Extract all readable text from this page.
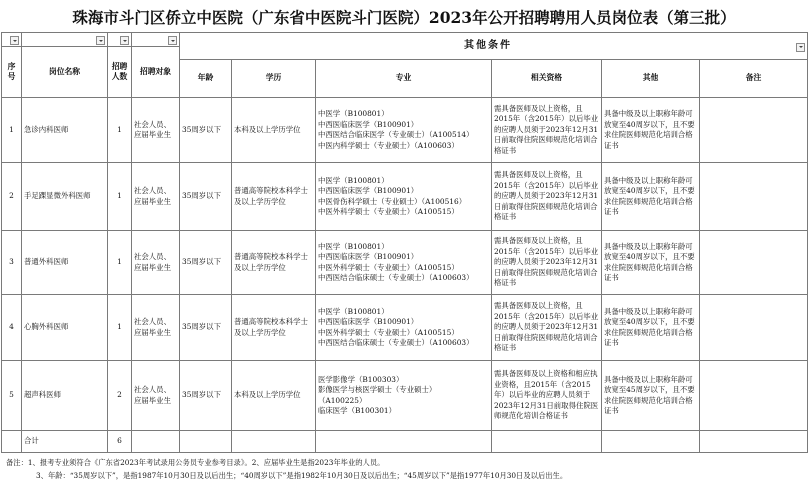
珠海市斗门区侨立中医院（广东省中医院斗门医院）2023年公开招聘聘用人员岗位表（第三批）

	其他条件					

序号	岗位名称	招聘人数	招聘对象						
				年龄	学历	专业	相关资格	其他	备注
1	急诊内科医师	1	社会人员、应届毕业生	35周岁以下	本科及以上学历学位	中医学（B100801）
中西医临床医学（B100901）
中西医结合临床医学（专业硕士）（A100514）
中医内科学硕士（专业硕士）（A100603）	需具备医师及以上资格，且2015年（含2015年）以后毕业的应聘人员须于2023年12月31日前取得住院医师规范化培训合格证书	具备中级及以上职称年龄可放宽至40周岁以下，且不要求住院医师规范化培训合格证书	
2	手足踝显微外科医师	1	社会人员、应届毕业生	35周岁以下	普通高等院校本科学士及以上学历学位	中医学（B100801）
中西医临床医学（B100901）
中医骨伤科学硕士（专业硕士）（A100516）
中医外科学硕士（专业硕士）（A100515）	需具备医师及以上资格，且2015年（含2015年）以后毕业的应聘人员须于2023年12月31日前取得住院医师规范化培训合格证书	具备中级及以上职称年龄可放宽至40周岁以下，且不要求住院医师规范化培训合格证书	
3	普通外科医师	1	社会人员、应届毕业生	35周岁以下	普通高等院校本科学士及以上学历学位	中医学（B100801）
中西医临床医学（B100901）
中医外科学硕士（专业硕士）（A100515）
中西医结合临床硕士（专业硕士）（A100603）	需具备医师及以上资格，且2015年（含2015年）以后毕业的应聘人员须于2023年12月31日前取得住院医师规范化培训合格证书	具备中级及以上职称年龄可放宽至40周岁以下，且不要求住院医师规范化培训合格证书	
4	心胸外科医师	1	社会人员、应届毕业生	35周岁以下	普通高等院校本科学士及以上学历学位	中医学（B100801）
中西医临床医学（B100901）
中医外科学硕士（专业硕士）（A100515）
中西医结合临床硕士（专业硕士）（A100603）	需具备医师及以上资格，且2015年（含2015年）以后毕业的应聘人员须于2023年12月31日前取得住院医师规范化培训合格证书	具备中级及以上职称年龄可放宽至40周岁以下，且不要求住院医师规范化培训合格证书	
5	超声科医师	2	社会人员、应届毕业生	35周岁以下	本科及以上学历学位	医学影像学（B100303）
影像医学与核医学硕士（专业硕士）
（A100225）
临床医学（B100301）	需具备医师及以上资格和相应执业资格，且2015年（含2015年）以后毕业的应聘人员须于2023年12月31日前取得住院医师规范化培训合格证书	具备中级及以上职称年龄可放宽至45周岁以下，且不要求住院医师规范化培训合格证书	
	合计	6							
备注：1、报考专业须符合《广东省2023年考试录用公务员专业参考目录》。2、应届毕业生是指2023年毕业的人员。
3、年龄：“35周岁以下”，是指1987年10月30日及以后出生；“40周岁以下”是指1982年10月30日及以后出生；“45周岁以下”是指1977年10月30日及以后出生。
